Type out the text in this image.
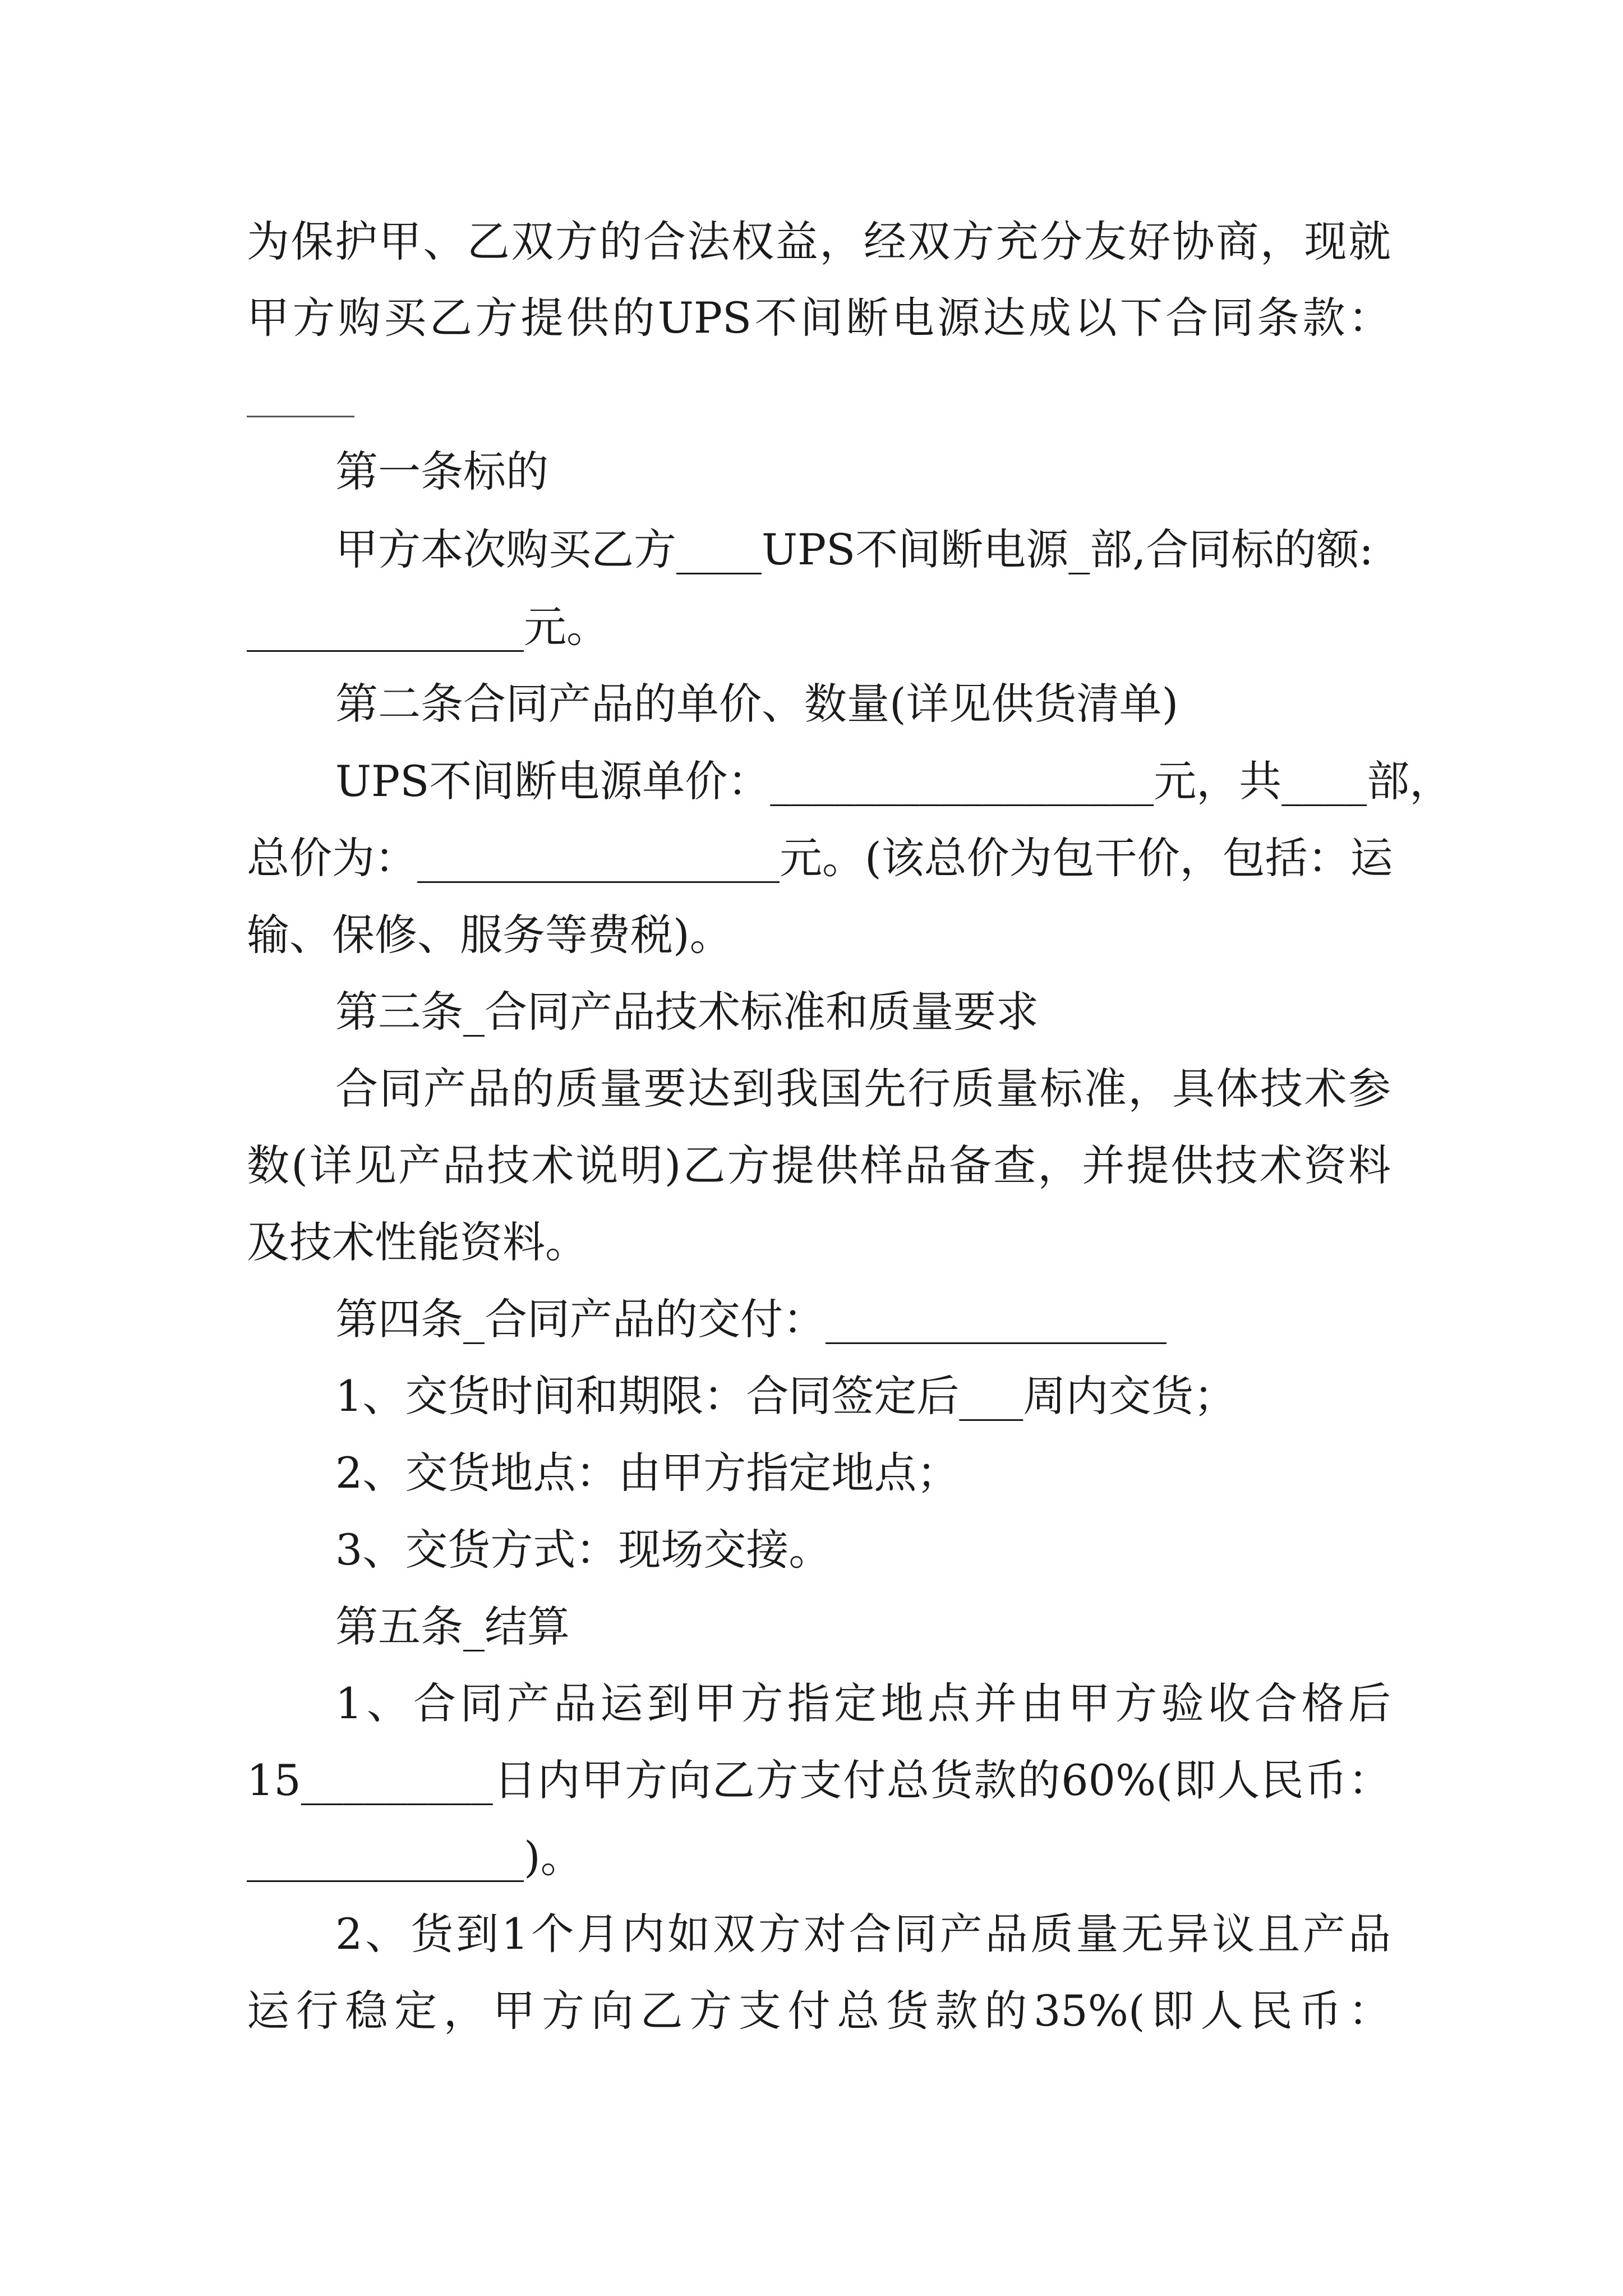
为保护甲、乙双方的合法权益，经双方充分友好协商，现就
甲方购买乙方提供的UPS不间断电源达成以下合同条款：
第一条标的
甲方本次购买乙方____UPS不间断电源_部,合同标的额:
_____________元。
第二条合同产品的单价、数量(详见供货清单)
UPS不间断电源单价：__________________元，共____部，
总价为：_________________元。(该总价为包干价，包括：运
输、保修、服务等费税)。
第三条_合同产品技术标准和质量要求
合同产品的质量要达到我国先行质量标准，具体技术参
数(详见产品技术说明)乙方提供样品备查，并提供技术资料
及技术性能资料。
第四条_合同产品的交付：________________
1、交货时间和期限：合同签定后___周内交货；
2、交货地点：由甲方指定地点；
3、交货方式：现场交接。
第五条_结算
1、合同产品运到甲方指定地点并由甲方验收合格后
15_________日内甲方向乙方支付总货款的60%(即人民币：
_____________)。
2、货到1个月内如双方对合同产品质量无异议且产品
运行稳定，甲方向乙方支付总货款的35%(即人民币：
